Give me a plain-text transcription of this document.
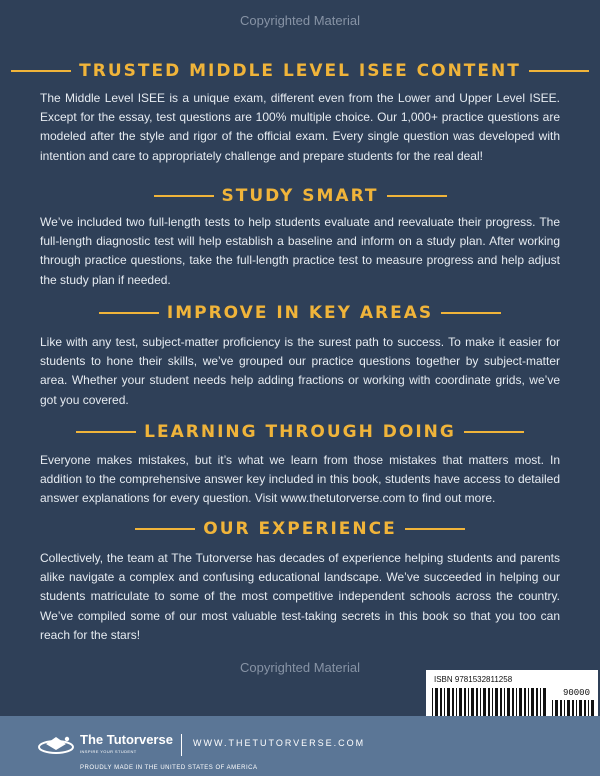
Copyrighted Material
TRUSTED MIDDLE LEVEL ISEE CONTENT

The Middle Level ISEE is a unique exam, different even from the Lower and Upper Level ISEE. Except for the essay, test questions are 100% multiple choice. Our 1,000+ practice questions are modeled after the style and rigor of the official exam. Every single question was developed with intention and care to appropriately challenge and prepare students for the real deal!

STUDY SMART

We’ve included two full-length tests to help students evaluate and reevaluate their progress. The full-length diagnostic test will help establish a baseline and inform on a study plan. After working through practice questions, take the full-length practice test to measure progress and help adjust the study plan if needed.

IMPROVE IN KEY AREAS

Like with any test, subject-matter proficiency is the surest path to success. To make it easier for students to hone their skills, we’ve grouped our practice questions together by subject-matter area. Whether your student needs help adding fractions or working with coordinate grids, we’ve got you covered.

LEARNING THROUGH DOING

Everyone makes mistakes, but it’s what we learn from those mistakes that matters most. In addition to the comprehensive answer key included in this book, students have access to detailed answer explanations for every question. Visit www.thetutorverse.com to find out more.

OUR EXPERIENCE

Collectively, the team at The Tutorverse has decades of experience helping students and parents alike navigate a complex and confusing educational landscape. We’ve succeeded in helping our students matriculate to some of the most competitive independent schools across the country. We’ve compiled some of our most valuable test-taking secrets in this book so that you too can reach for the stars!

Copyrighted Material
ISBN 9781532811258
90000
The Tutorverse
INSPIRE YOUR STUDENT
WWW.THETUTORVERSE.COM
PROUDLY MADE IN THE UNITED STATES OF AMERICA
